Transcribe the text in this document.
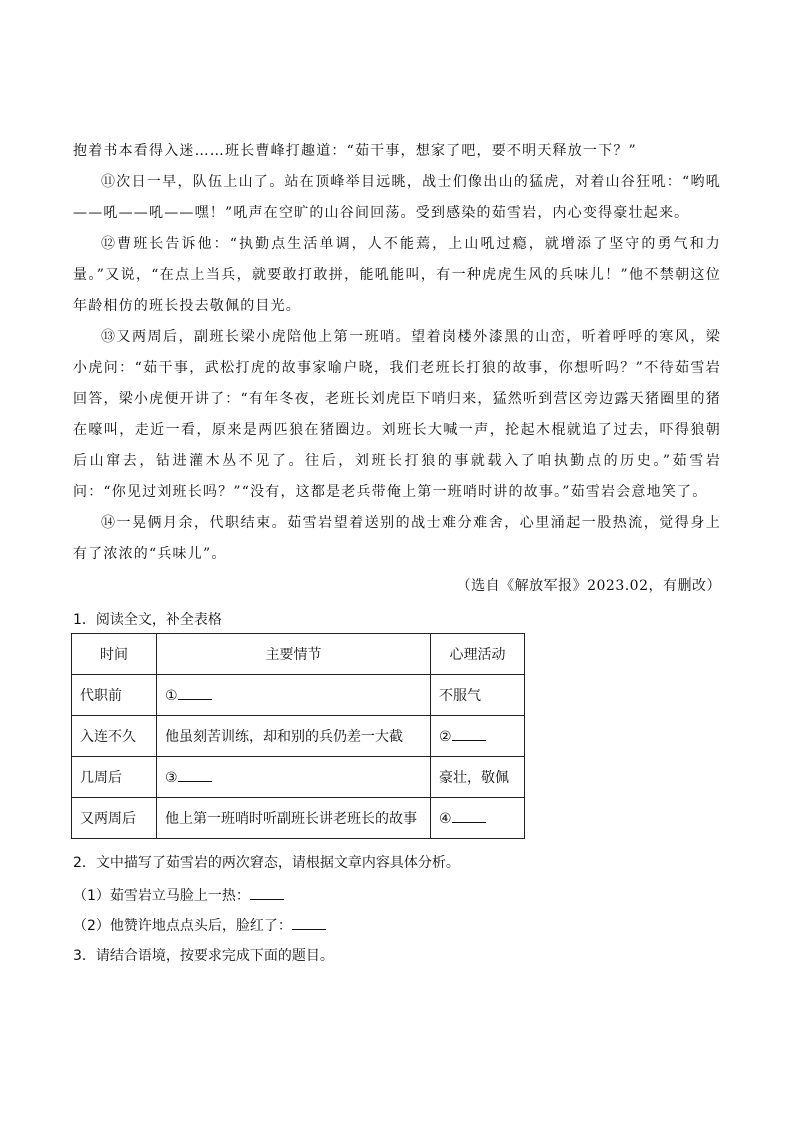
抱着书本看得入迷……班长曹峰打趣道：“茹干事，想家了吧，要不明天释放一下？”

⑪次日一早，队伍上山了。站在顶峰举目远眺，战士们像出山的猛虎，对着山谷狂吼：“哟吼——吼——吼——嘿！”吼声在空旷的山谷间回荡。受到感染的茹雪岩，内心变得豪壮起来。

⑫曹班长告诉他：“执勤点生活单调，人不能蔫，上山吼过瘾，就增添了坚守的勇气和力量。”又说，“在点上当兵，就要敢打敢拼，能吼能叫，有一种虎虎生风的兵味儿！”他不禁朝这位年龄相仿的班长投去敬佩的目光。

⑬又两周后，副班长梁小虎陪他上第一班哨。望着岗楼外漆黑的山峦，听着呼呼的寒风，梁小虎问：“茹干事，武松打虎的故事家喻户晓，我们老班长打狼的故事，你想听吗？”不待茹雪岩回答，梁小虎便开讲了：“有年冬夜，老班长刘虎臣下哨归来，猛然听到营区旁边露天猪圈里的猪在嚎叫，走近一看，原来是两匹狼在猪圈边。刘班长大喊一声，抡起木棍就追了过去，吓得狼朝后山窜去，钻进灌木丛不见了。往后，刘班长打狼的事就载入了咱执勤点的历史。”茹雪岩问：“你见过刘班长吗？”“没有，这都是老兵带俺上第一班哨时讲的故事。”茹雪岩会意地笑了。

⑭一晃俩月余，代职结束。茹雪岩望着送别的战士难分难舍，心里涌起一股热流，觉得身上有了浓浓的“兵味儿”。

（选自《解放军报》2023.02，有删改）
1．阅读全文，补全表格
时间	主要情节	心理活动
代职前	①	不服气
入连不久	他虽刻苦训练，却和别的兵仍差一大截	②
几周后	③	豪壮，敬佩
又两周后	他上第一班哨时听副班长讲老班长的故事	④
2．文中描写了茹雪岩的两次窘态，请根据文章内容具体分析。
（1）茹雪岩立马脸上一热：
（2）他赞许地点点头后，脸红了：
3．请结合语境，按要求完成下面的题目。
